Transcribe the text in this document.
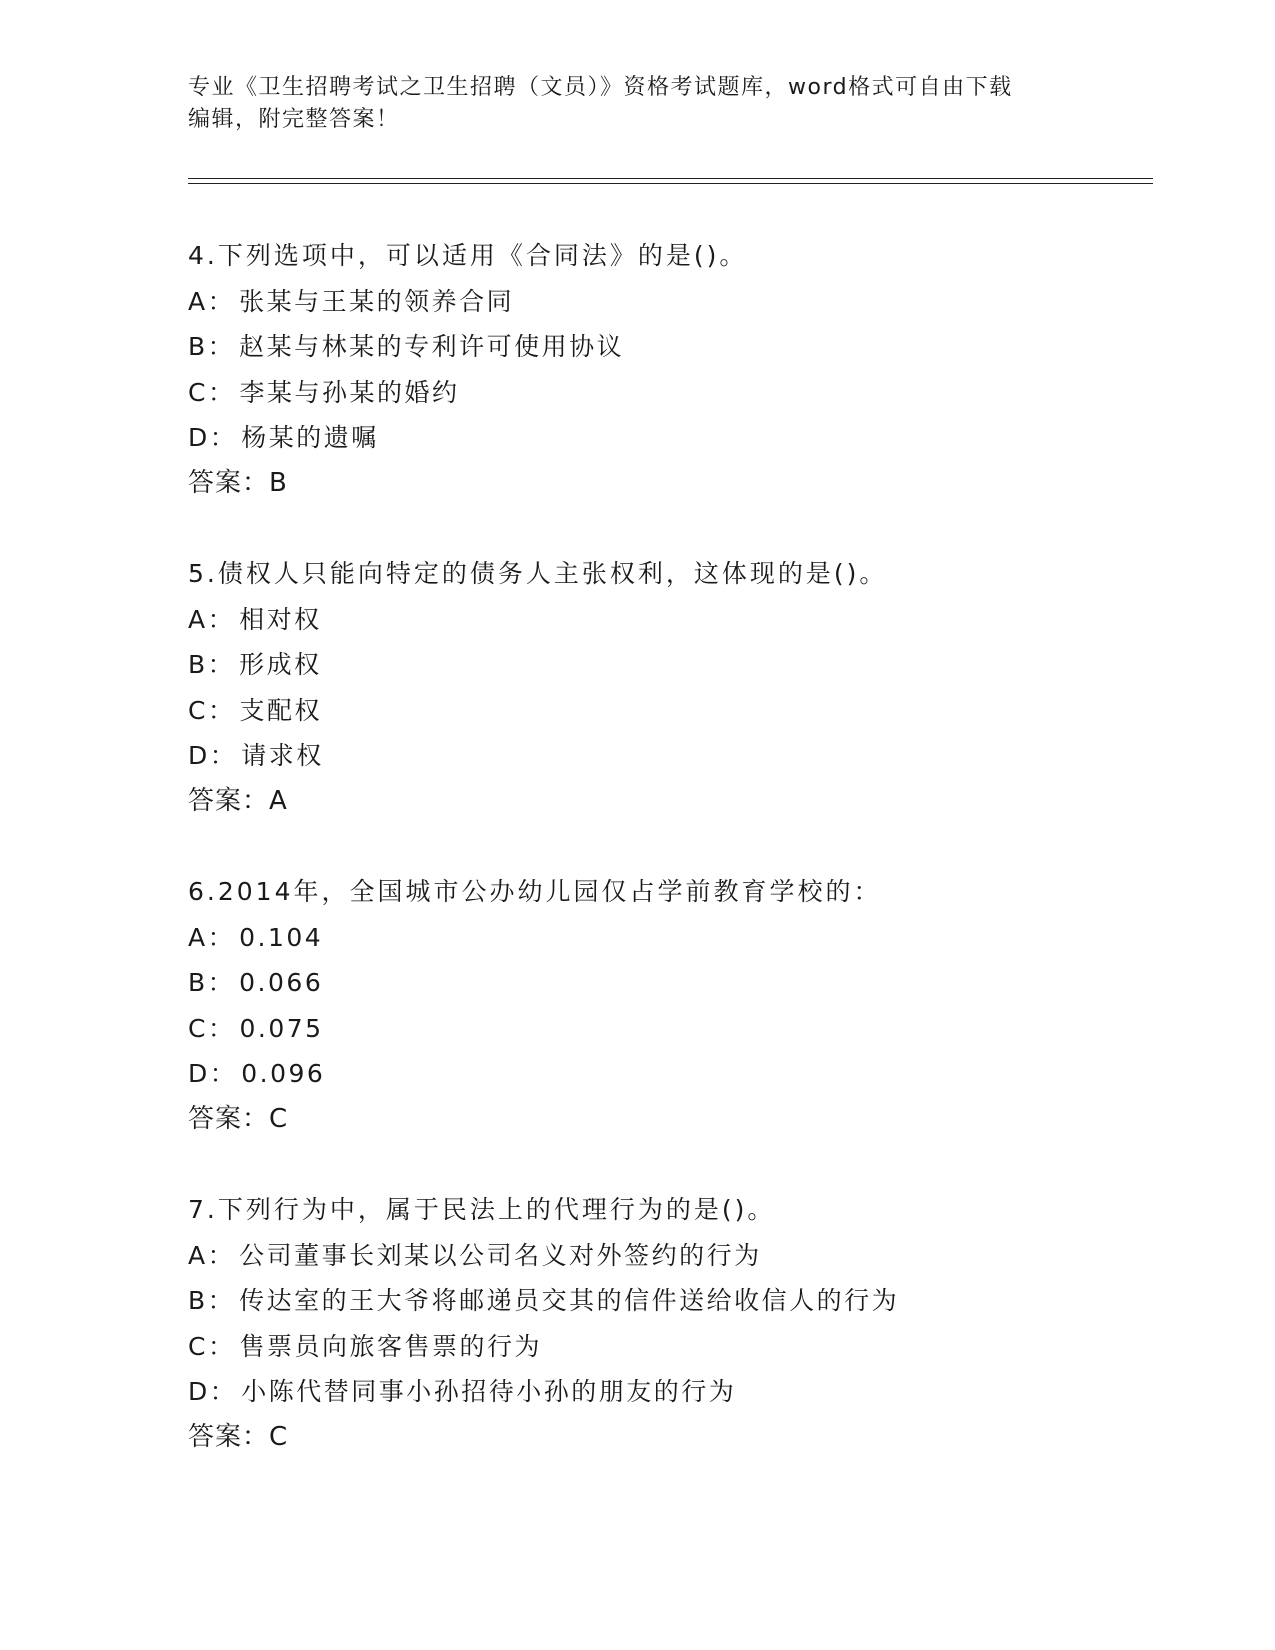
专业《卫生招聘考试之卫生招聘（文员）》资格考试题库，word格式可自由下载
编辑，附完整答案！
4.下列选项中，可以适用《合同法》的是()。
A： 张某与王某的领养合同
B： 赵某与林某的专利许可使用协议
C： 李某与孙某的婚约
D： 杨某的遗嘱
答案：B
5.债权人只能向特定的债务人主张权利，这体现的是()。
A： 相对权
B： 形成权
C： 支配权
D： 请求权
答案：A
6.2014年，全国城市公办幼儿园仅占学前教育学校的：
A： 0.104
B： 0.066
C： 0.075
D： 0.096
答案：C
7.下列行为中，属于民法上的代理行为的是()。
A： 公司董事长刘某以公司名义对外签约的行为
B： 传达室的王大爷将邮递员交其的信件送给收信人的行为
C： 售票员向旅客售票的行为
D： 小陈代替同事小孙招待小孙的朋友的行为
答案：C
